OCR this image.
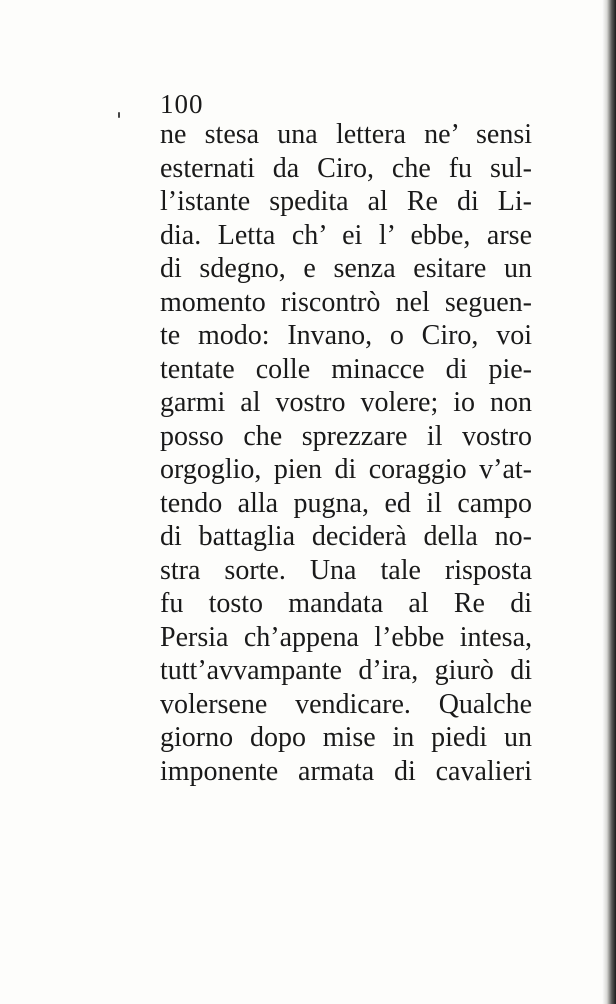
100
ne stesa una lettera ne’ sensi
esternati da Ciro, che fu sul-
l’istante spedita al Re di Li-
dia. Letta ch’ ei l’ ebbe, arse
di sdegno, e senza esitare un
momento riscontrò nel seguen-
te modo: Invano, o Ciro, voi
tentate colle minacce di pie-
garmi al vostro volere; io non
posso che sprezzare il vostro
orgoglio, pien di coraggio v’at-
tendo alla pugna, ed il campo
di battaglia deciderà della no-
stra sorte. Una tale risposta
fu tosto mandata al Re di
Persia ch’appena l’ebbe intesa,
tutt’avvampante d’ira, giurò di
volersene vendicare. Qualche
giorno dopo mise in piedi un
imponente armata di cavalieri
